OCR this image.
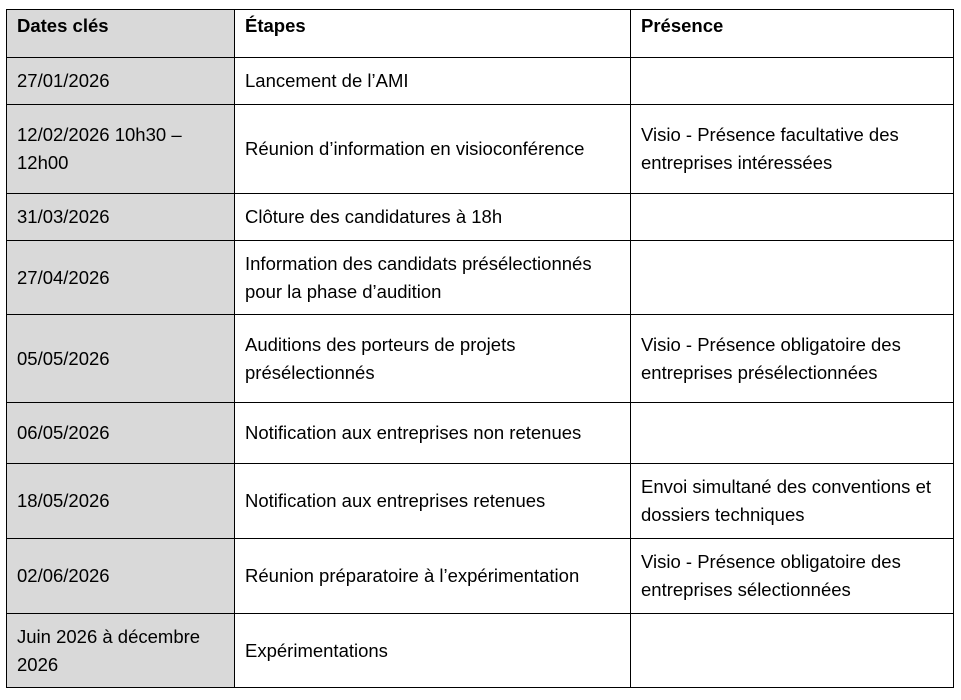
Dates clés	Étapes	Présence
27/01/2026	Lancement de l’AMI	
12/02/2026 10h30 – 12h00	Réunion d’information en visioconférence	Visio - Présence facultative des entreprises intéressées
31/03/2026	Clôture des candidatures à 18h	
27/04/2026	Information des candidats présélectionnés pour la phase d’audition	
05/05/2026	Auditions des porteurs de projets présélectionnés	Visio - Présence obligatoire des entreprises présélectionnées
06/05/2026	Notification aux entreprises non retenues	
18/05/2026	Notification aux entreprises retenues	Envoi simultané des conventions et dossiers techniques
02/06/2026	Réunion préparatoire à l’expérimentation	Visio - Présence obligatoire des entreprises sélectionnées
Juin 2026 à décembre 2026	Expérimentations	
